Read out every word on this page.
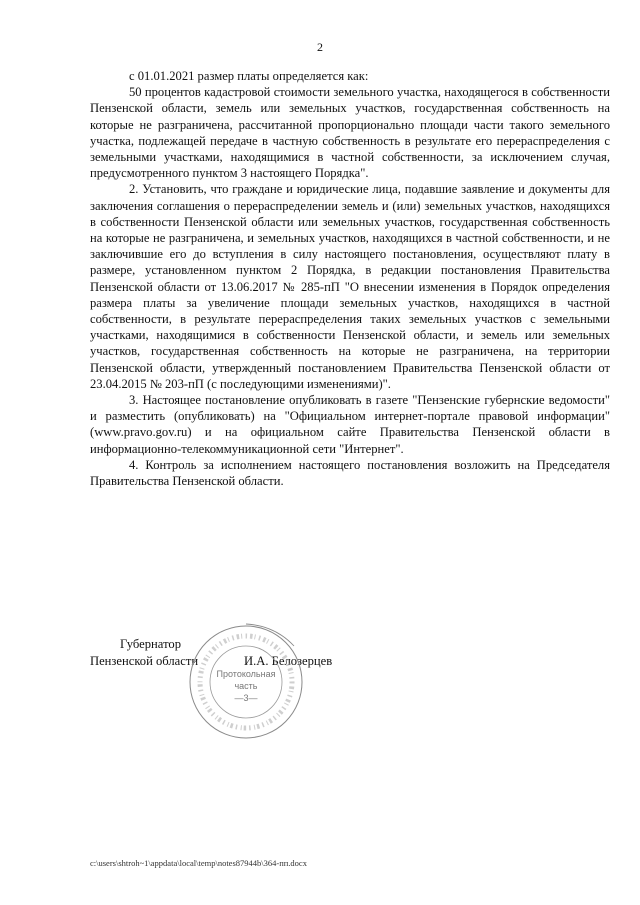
2

с 01.01.2021 размер платы определяется как:

50 процентов кадастровой стоимости земельного участка, находящегося в собственности Пензенской области, земель или земельных участков, государственная собственность на которые не разграничена, рассчитанной пропорционально площади части такого земельного участка, подлежащей передаче в частную собственность в результате его перераспределения с земельными участками, находящимися в частной собственности, за исключением случая, предусмотренного пунктом 3 настоящего Порядка".

2. Установить, что граждане и юридические лица, подавшие заявление и документы для заключения соглашения о перераспределении земель и (или) земельных участков, находящихся в собственности Пензенской области или земельных участков, государственная собственность на которые не разграничена, и земельных участков, находящихся в частной собственности, и не заключившие его до вступления в силу настоящего постановления, осуществляют плату в размере, установленном пунктом 2 Порядка, в редакции постановления Правительства Пензенской области от 13.06.2017 № 285-пП "О внесении изменения в Порядок определения размера платы за увеличение площади земельных участков, находящихся в частной собственности, в результате перераспределения таких земельных участков с земельными участками, находящимися в собственности Пензенской области, и земель или земельных участков, государственная собственность на которые не разграничена, на территории Пензенской области, утвержденный постановлением Правительства Пензенской области от 23.04.2015 № 203-пП (с последующими изменениями)".

3. Настоящее постановление опубликовать в газете "Пензенские губернские ведомости" и разместить (опубликовать) на "Официальном интернет-портале правовой информации" (www.pravo.gov.ru) и на официальном сайте Правительства Пензенской области в информационно-телекоммуникационной сети "Интернет".

4. Контроль за исполнением настоящего постановления возложить на Председателя Правительства Пензенской области.

Губернатор
Пензенской области	И.А. Белозерцев
Протокольная
часть
—3—
c:\users\shtroh~1\appdata\local\temp\notes87944b\364-пп.docx
